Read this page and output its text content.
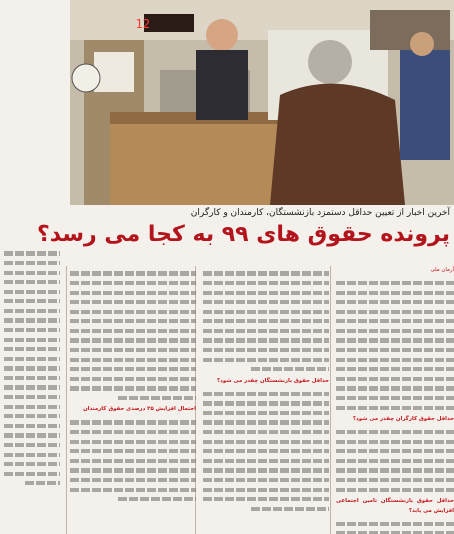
12
آخرین اخبار از تعیین حداقل دستمزد بازنشستگان، کارمندان و کارگران
پرونده حقوق های ۹۹ به کجا می رسد؟
آرمان ملی
حداقل حقوق کارگران چقدر می شود؟
حداقل حقوق بازنشستگان تامین اجتماعی افزایش می یابد؟
حداقل حقوق بازنشستگان چقدر می شود؟
احتمال افزایش ۲۵ درصدی حقوق کارمندان
